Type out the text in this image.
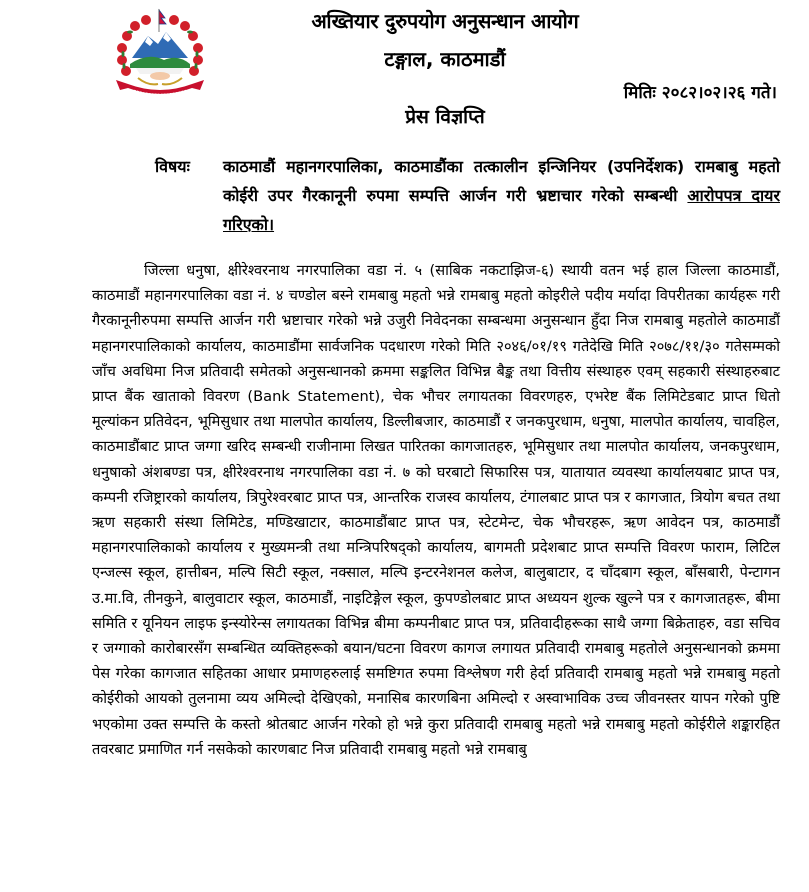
अख्तियार दुरुपयोग अनुसन्धान आयोग
टङ्गाल, काठमाडौं
मितिः २०८२।०२।२६ गते।
प्रेस विज्ञप्ति
विषयः	काठमाडौं महानगरपालिका, काठमाडौंका तत्कालीन इन्जिनियर (उपनिर्देशक) रामबाबु महतो कोईरी उपर गैरकानूनी रुपमा सम्पत्ति आर्जन गरी भ्रष्टाचार गरेको सम्बन्धी आरोपपत्र दायर गरिएको।

जिल्ला धनुषा, क्षीरेश्वरनाथ नगरपालिका वडा नं. ५ (साबिक नकटाझिज-६) स्थायी वतन भई हाल जिल्ला काठमाडौं, काठमाडौं महानगरपालिका वडा नं. ४ चण्डोल बस्ने रामबाबु महतो भन्ने रामबाबु महतो कोइरीले पदीय मर्यादा विपरीतका कार्यहरू गरी गैरकानूनीरुपमा सम्पत्ति आर्जन गरी भ्रष्टाचार गरेको भन्ने उजुरी निवेदनका सम्बन्धमा अनुसन्धान हुँदा निज रामबाबु महतोले काठमाडौं महानगरपालिकाको कार्यालय, काठमाडौंमा सार्वजनिक पदधारण गरेको मिति २०४६/०१/१९ गतेदेखि मिति २०७८/११/३० गतेसम्मको जाँच अवधिमा निज प्रतिवादी समेतको अनुसन्धानको क्रममा सङ्कलित विभिन्न बैङ्क तथा वित्तीय संस्थाहरु एवम् सहकारी संस्थाहरुबाट प्राप्त बैंक खाताको विवरण (Bank Statement), चेक भौचर लगायतका विवरणहरु, एभरेष्ट बैंक लिमिटेडबाट प्राप्त धितो मूल्यांकन प्रतिवेदन, भूमिसुधार तथा मालपोत कार्यालय, डिल्लीबजार, काठमाडौं र जनकपुरधाम, धनुषा, मालपोत कार्यालय, चावहिल, काठमाडौंबाट प्राप्त जग्गा खरिद सम्बन्धी राजीनामा लिखत पारितका कागजातहरु, भूमिसुधार तथा मालपोत कार्यालय, जनकपुरधाम, धनुषाको अंशबण्डा पत्र, क्षीरेश्वरनाथ नगरपालिका वडा नं. ७ को घरबाटो सिफारिस पत्र, यातायात व्यवस्था कार्यालयबाट प्राप्त पत्र, कम्पनी रजिष्ट्रारको कार्यालय, त्रिपुरेश्वरबाट प्राप्त पत्र, आन्तरिक राजस्व कार्यालय, टंगालबाट प्राप्त पत्र र कागजात, त्रियोग बचत तथा ऋण सहकारी संस्था लिमिटेड, मण्डिखाटार, काठमाडौंबाट प्राप्त पत्र, स्टेटमेन्ट, चेक भौचरहरू, ऋण आवेदन पत्र, काठमाडौं महानगरपालिकाको कार्यालय र मुख्यमन्त्री तथा मन्त्रिपरिषद्को कार्यालय, बागमती प्रदेशबाट प्राप्त सम्पत्ति विवरण फाराम, लिटिल एन्जल्स स्कूल, हात्तीबन, मल्पि सिटी स्कूल, नक्साल, मल्पि इन्टरनेशनल कलेज, बालुबाटार, द चाँदबाग स्कूल, बाँसबारी, पेन्टागन उ.मा.वि, तीनकुने, बालुवाटार स्कूल, काठमाडौं, नाइटिङ्गेल स्कूल, कुपण्डोलबाट प्राप्त अध्ययन शुल्क खुल्ने पत्र र कागजातहरू, बीमा समिति र यूनियन लाइफ इन्स्योरेन्स लगायतका विभिन्न बीमा कम्पनीबाट प्राप्त पत्र, प्रतिवादीहरूका साथै जग्गा बिक्रेताहरु, वडा सचिव र जग्गाको कारोबारसँग सम्बन्धित व्यक्तिहरूको बयान/घटना विवरण कागज लगायत प्रतिवादी रामबाबु महतोले अनुसन्धानको क्रममा पेस गरेका कागजात सहितका आधार प्रमाणहरुलाई समष्टिगत रुपमा विश्लेषण गरी हेर्दा प्रतिवादी रामबाबु महतो भन्ने रामबाबु महतो कोईरीको आयको तुलनामा व्यय अमिल्दो देखिएको, मनासिब कारणबिना अमिल्दो र अस्वाभाविक उच्च जीवनस्तर यापन गरेको पुष्टि भएकोमा उक्त सम्पत्ति के कस्तो श्रोतबाट आर्जन गरेको हो भन्ने कुरा प्रतिवादी रामबाबु महतो भन्ने रामबाबु महतो कोईरीले शङ्कारहित तवरबाट प्रमाणित गर्न नसकेको कारणबाट निज प्रतिवादी रामबाबु महतो भन्ने रामबाबु
